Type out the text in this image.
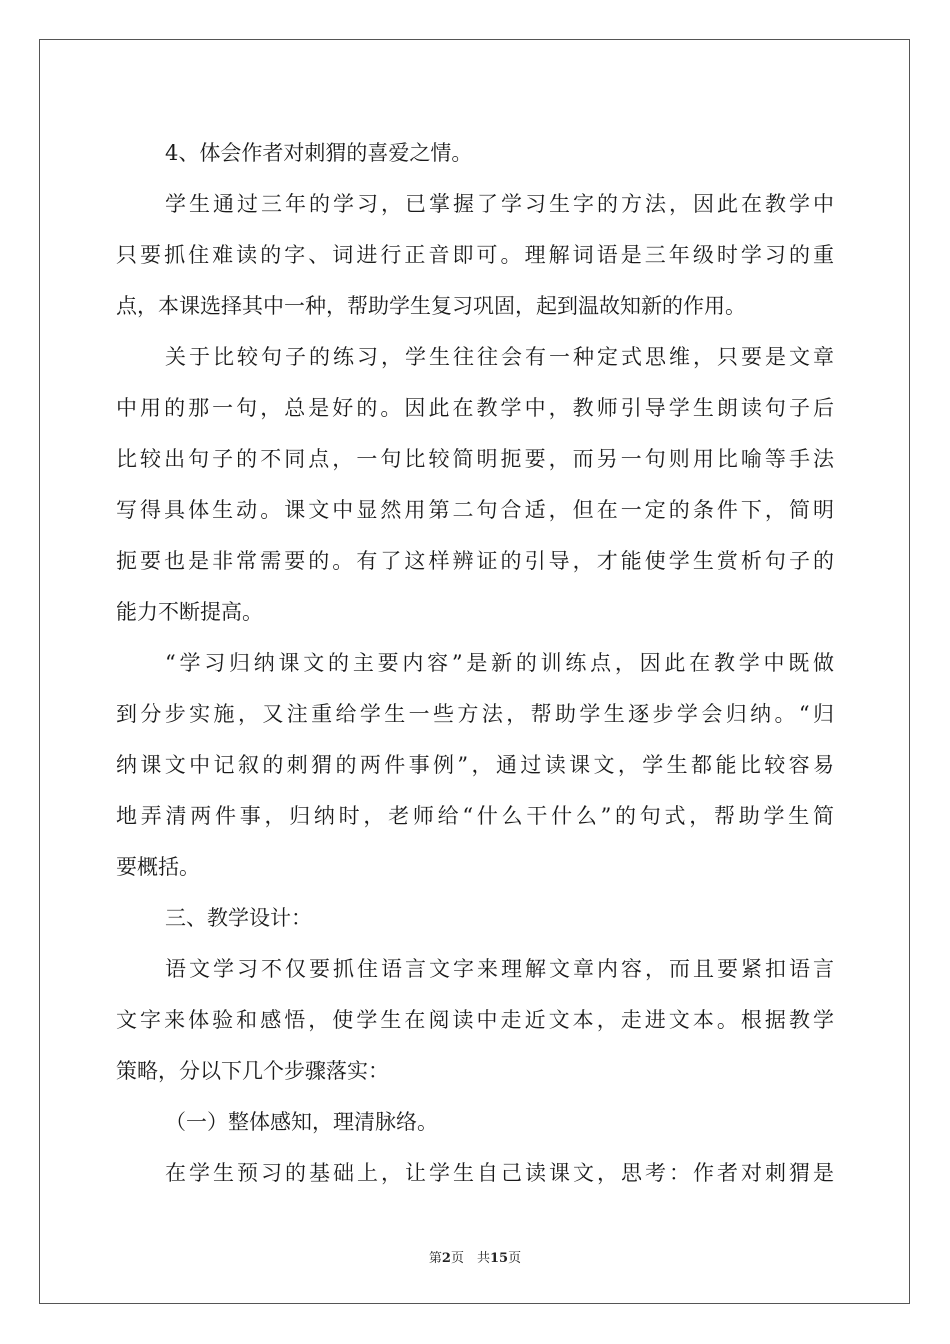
4、体会作者对刺猬的喜爱之情。
学生通过三年的学习，已掌握了学习生字的方法，因此在教学中
只要抓住难读的字、词进行正音即可。理解词语是三年级时学习的重
点，本课选择其中一种，帮助学生复习巩固，起到温故知新的作用。
关于比较句子的练习，学生往往会有一种定式思维，只要是文章
中用的那一句，总是好的。因此在教学中，教师引导学生朗读句子后
比较出句子的不同点，一句比较简明扼要，而另一句则用比喻等手法
写得具体生动。课文中显然用第二句合适，但在一定的条件下，简明
扼要也是非常需要的。有了这样辨证的引导，才能使学生赏析句子的
能力不断提高。
“学习归纳课文的主要内容”是新的训练点，因此在教学中既做
到分步实施，又注重给学生一些方法，帮助学生逐步学会归纳。“归
纳课文中记叙的刺猬的两件事例”，通过读课文，学生都能比较容易
地弄清两件事，归纳时，老师给“什么干什么”的句式，帮助学生简
要概括。
三、教学设计：
语文学习不仅要抓住语言文字来理解文章内容，而且要紧扣语言
文字来体验和感悟，使学生在阅读中走近文本，走进文本。根据教学
策略，分以下几个步骤落实：
（一）整体感知，理清脉络。
在学生预习的基础上，让学生自己读课文，思考：作者对刺猬是
第2页　共15页
